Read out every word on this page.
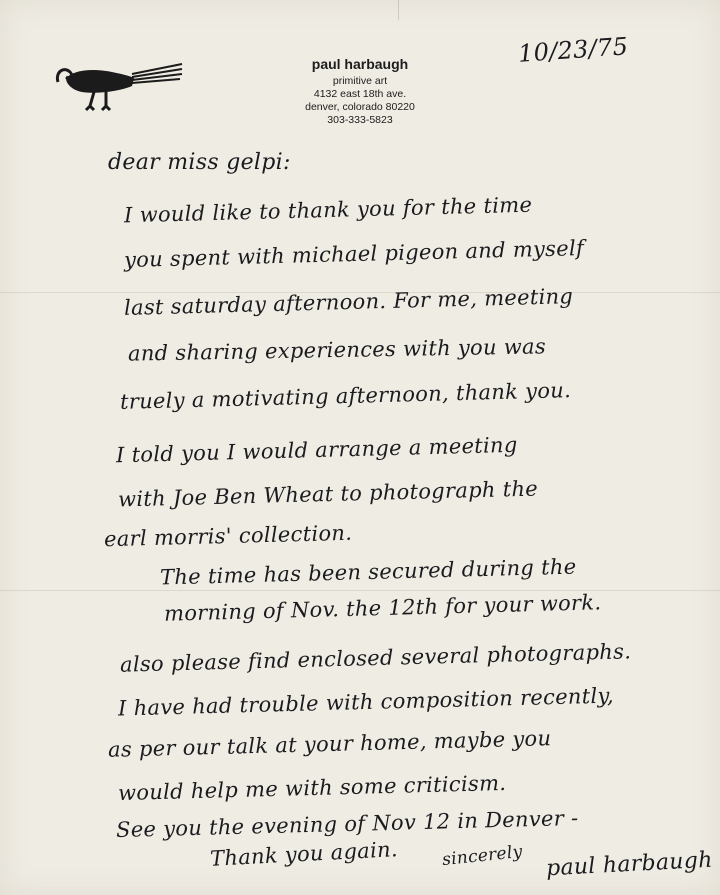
paul harbaugh
primitive art
4132 east 18th ave.
denver, colorado 80220
303-333-5823
10/23/75
dear miss gelpi:
I would like to thank you for the time
you spent with michael pigeon and myself
last saturday afternoon. For me, meeting
and sharing experiences with you was
truely a motivating afternoon, thank you.
I told you I would arrange a meeting
with Joe Ben Wheat to photograph the
earl morris' collection.
The time has been secured during the
morning of Nov. the 12th for your work.
also please find enclosed several photographs.
I have had trouble with composition recently,
as per our talk at your home, maybe you
would help me with some criticism.
See you the evening of Nov 12 in Denver -
Thank you again.	sincerely paul harbaugh
